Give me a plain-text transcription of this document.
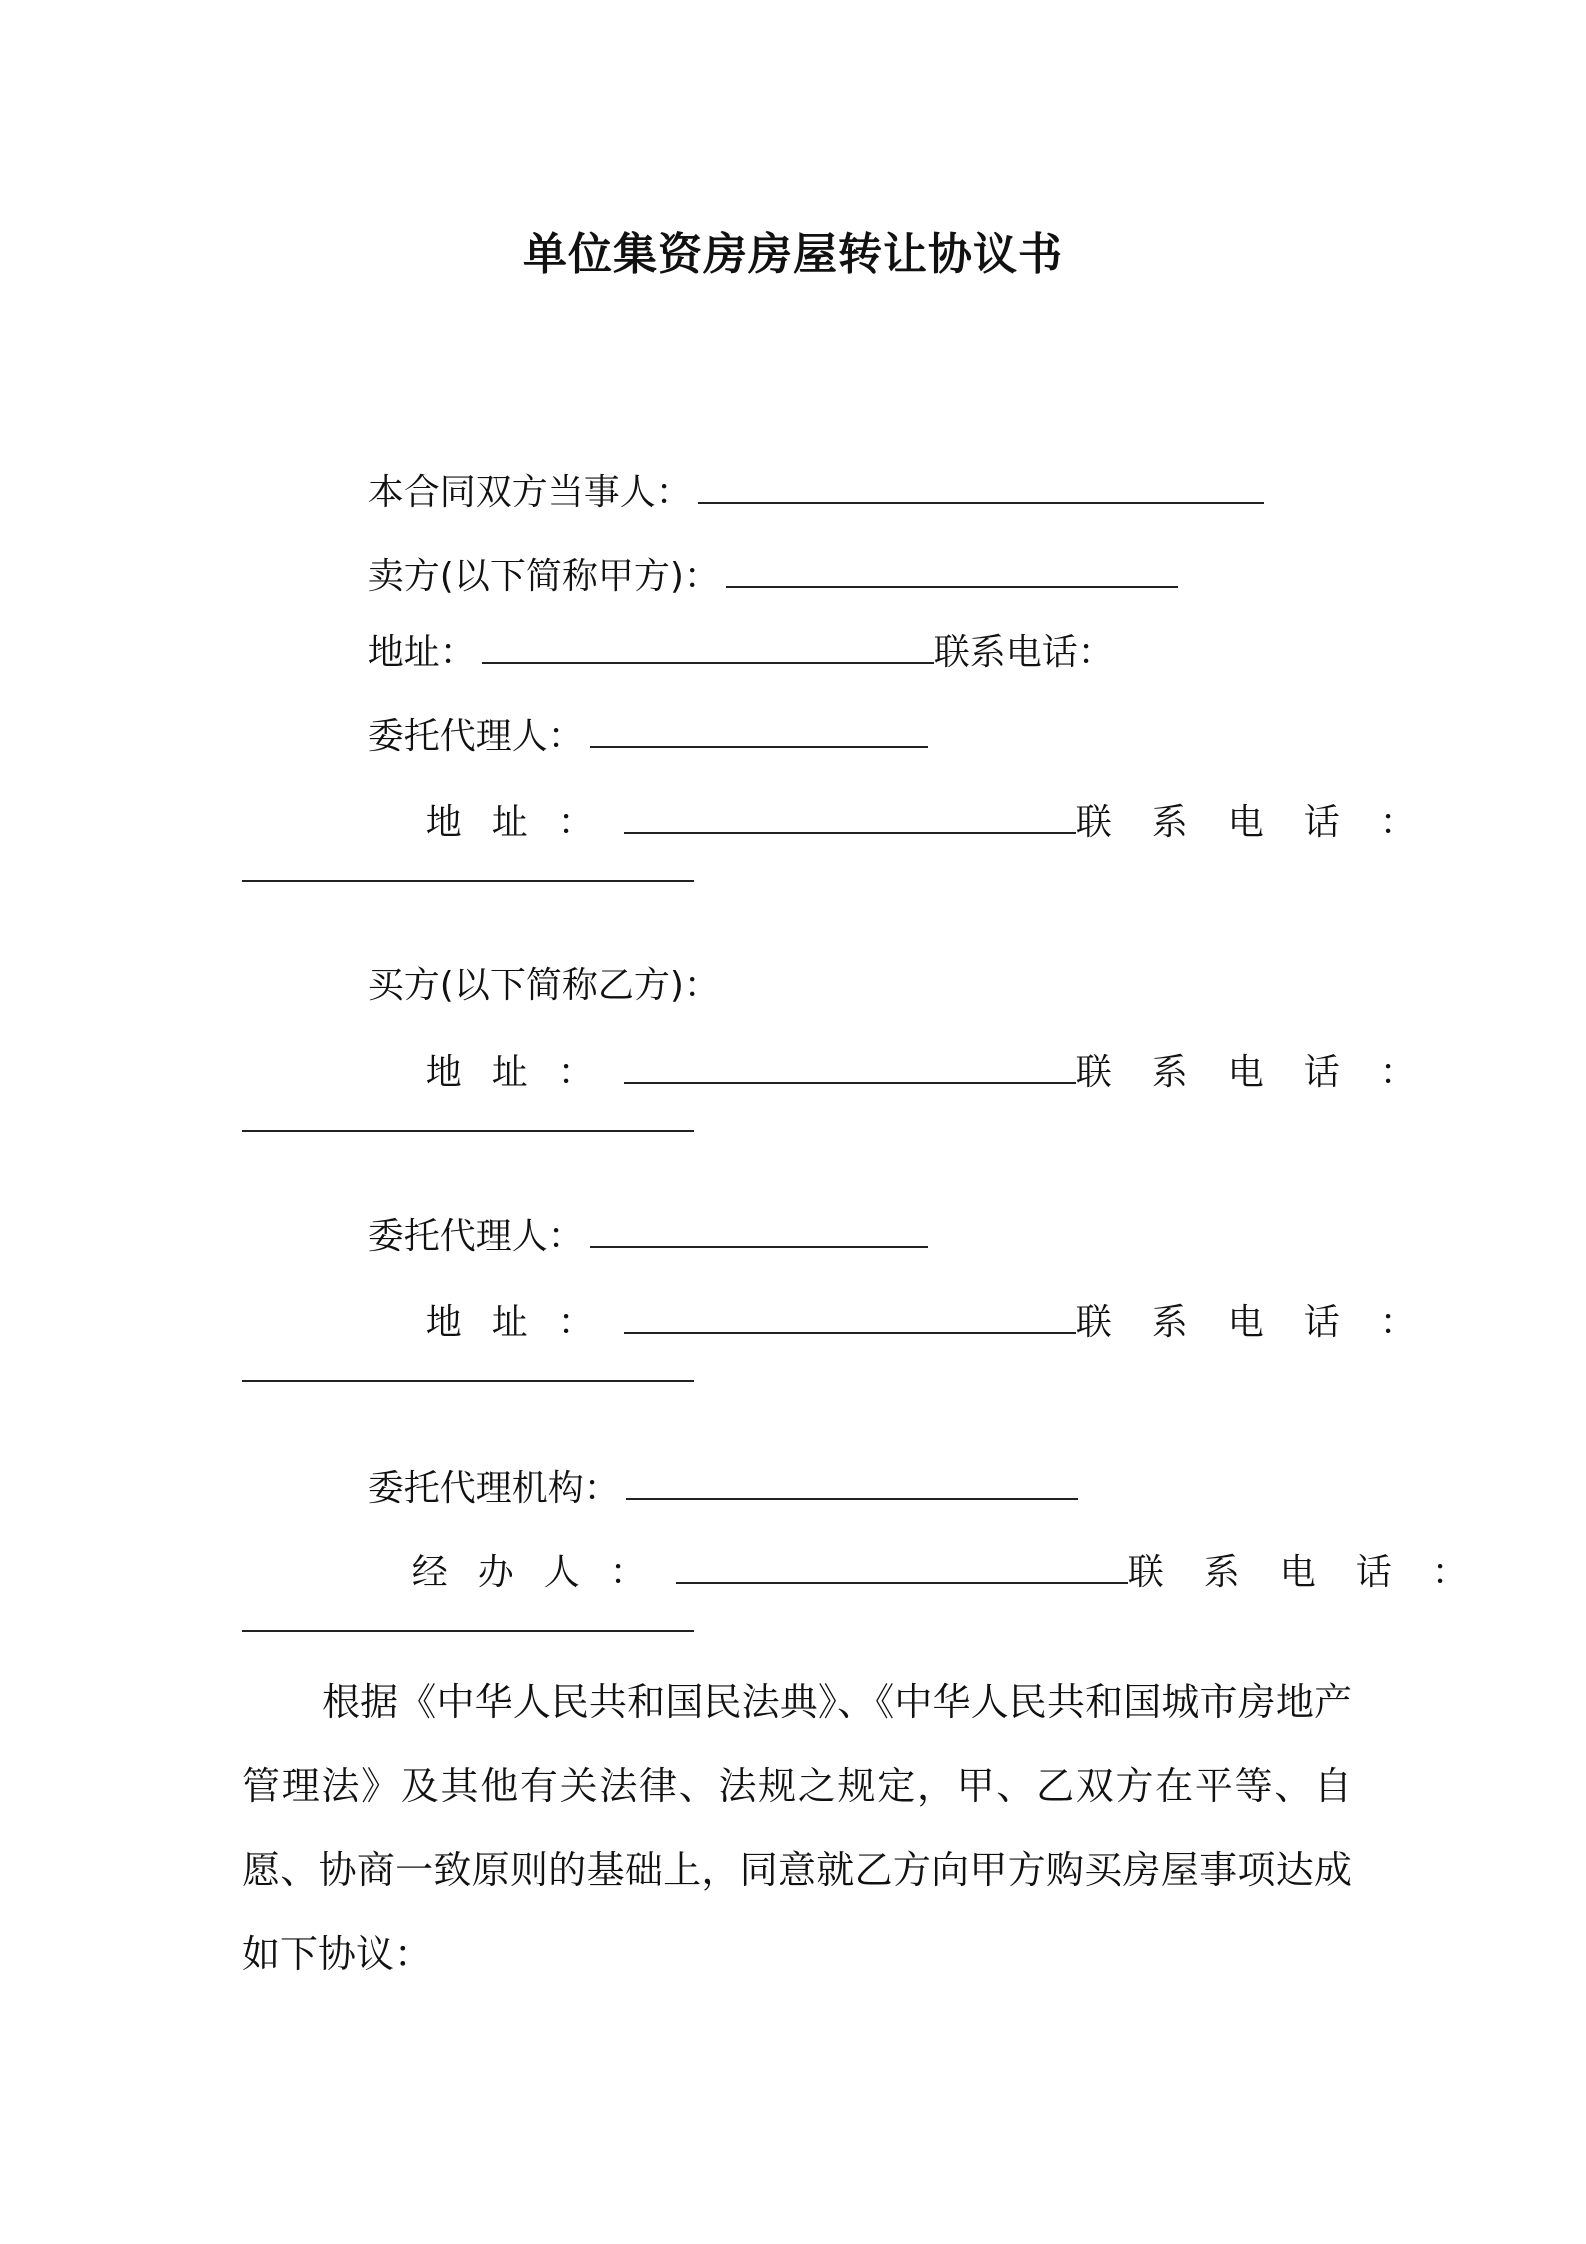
单位集资房房屋转让协议书

本合同双方当事人：

卖方(以下简称甲方)：

地址：	联系电话：

委托代理人：

地址：	联系电话：

买方(以下简称乙方)：

地址：	联系电话：

委托代理人：

地址：	联系电话：

委托代理机构：

经办人：	联系电话：

根据《中华人民共和国民法典》、《中华人民共和国城市房地产管理法》及其他有关法律、法规之规定，甲、乙双方在平等、自愿、协商一致原则的基础上，同意就乙方向甲方购买房屋事项达成如下协议：
